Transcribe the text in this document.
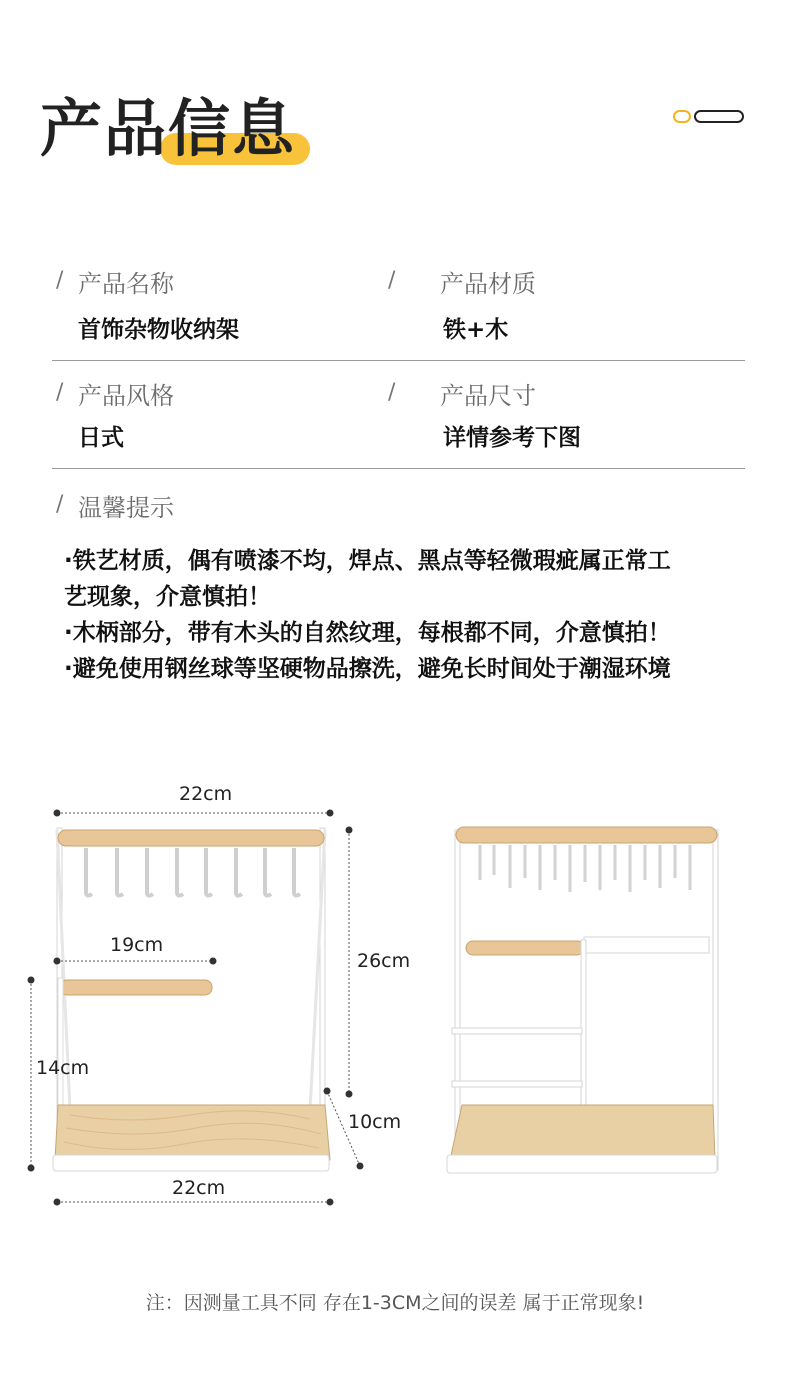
产品信息
/ 产品名称
首饰杂物收纳架
/ 产品材质
铁+木
/ 产品风格
日式
/ 产品尺寸
详情参考下图
/ 温馨提示
·铁艺材质，偶有喷漆不均，焊点、黑点等轻微瑕疵属正常工
艺现象，介意慎拍！
·木柄部分，带有木头的自然纹理，每根都不同，介意慎拍！
·避免使用钢丝球等坚硬物品擦洗，避免长时间处于潮湿环境
22cm
19cm
26cm
14cm
10cm
22cm
注：因测量工具不同 存在1-3CM之间的误差 属于正常现象!
